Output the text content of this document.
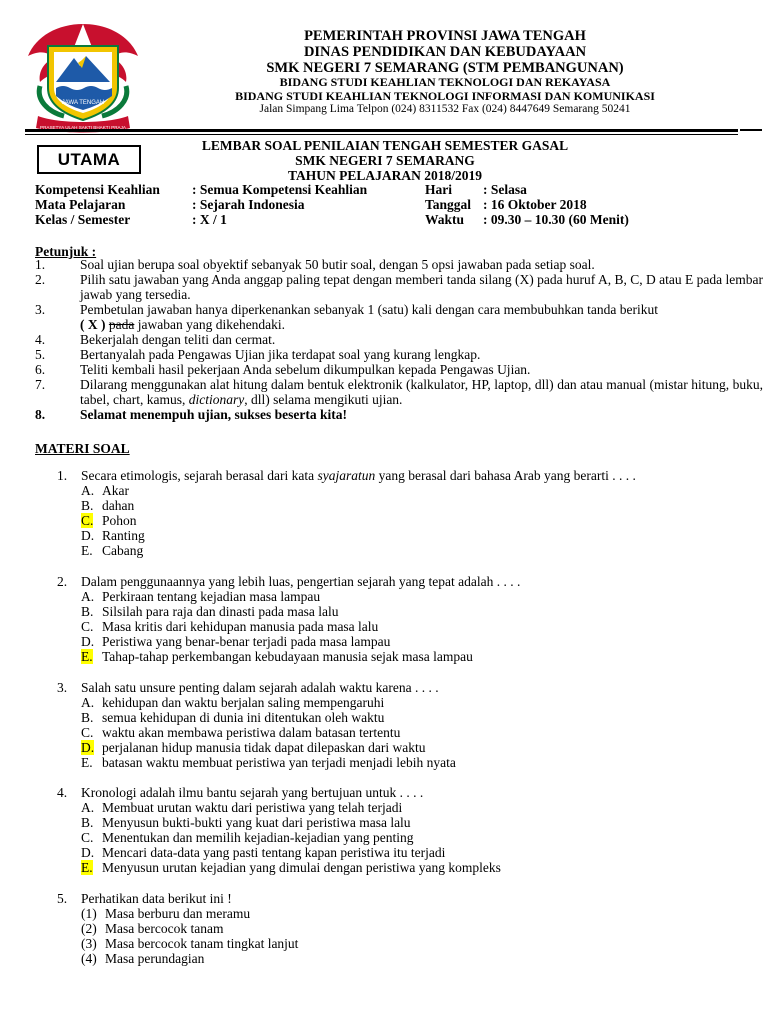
JAWA TENGAH
PRASETYA ULAH SAKTI BHAKTI PRAJA
PEMERINTAH PROVINSI JAWA TENGAH
DINAS PENDIDIKAN DAN KEBUDAYAAN
SMK NEGERI 7 SEMARANG (STM PEMBANGUNAN)
BIDANG STUDI KEAHLIAN TEKNOLOGI DAN REKAYASA
BIDANG STUDI KEAHLIAN TEKNOLOGI INFORMASI DAN KOMUNIKASI
Jalan Simpang Lima Telpon (024) 8311532 Fax (024) 8447649 Semarang 50241
LEMBAR SOAL PENILAIAN TENGAH SEMESTER GASAL
SMK NEGERI 7 SEMARANG
TAHUN PELAJARAN 2018/2019
UTAMA
Kompetensi Keahlian : Semua Kompetensi Keahlian
Mata Pelajaran	: Sejarah Indonesia
Kelas / Semester	: X / 1
Hari : Selasa
Tanggal : 16 Oktober 2018
Waktu : 09.30 – 10.30 (60 Menit)
Petunjuk :
1.	Soal ujian berupa soal obyektif sebanyak 50 butir soal, dengan 5 opsi jawaban pada setiap soal.
2.	Pilih satu jawaban yang Anda anggap paling tepat dengan memberi tanda silang (X) pada huruf A, B, C, D atau E pada lembar jawab yang tersedia.
3.	Pembetulan jawaban hanya diperkenankan sebanyak 1 (satu) kali dengan cara membubuhkan tanda berikut
( X ) pada jawaban yang dikehendaki.
4.	Bekerjalah dengan teliti dan cermat.
5.	Bertanyalah pada Pengawas Ujian jika terdapat soal yang kurang lengkap.
6.	Teliti kembali hasil pekerjaan Anda sebelum dikumpulkan kepada Pengawas Ujian.
7.	Dilarang menggunakan alat hitung dalam bentuk elektronik (kalkulator, HP, laptop, dll) dan atau manual (mistar hitung, buku, tabel, chart, kamus, dictionary, dll) selama mengikuti ujian.
8.	Selamat menempuh ujian, sukses beserta kita!
MATERI SOAL
1.	Secara etimologis, sejarah berasal dari kata syajaratun yang berasal dari bahasa Arab yang berarti . . . .
A. Akar
B. dahan
C. Pohon
D. Ranting
E. Cabang
2.	Dalam penggunaannya yang lebih luas, pengertian sejarah yang tepat adalah . . . .
A. Perkiraan tentang kejadian masa lampau
B. Silsilah para raja dan dinasti pada masa lalu
C. Masa kritis dari kehidupan manusia pada masa lalu
D. Peristiwa yang benar-benar terjadi pada masa lampau
E. Tahap-tahap perkembangan kebudayaan manusia sejak masa lampau
3.	Salah satu unsure penting dalam sejarah adalah waktu karena . . . .
A. kehidupan dan waktu berjalan saling mempengaruhi
B. semua kehidupan di dunia ini ditentukan oleh waktu
C. waktu akan membawa peristiwa dalam batasan tertentu
D. perjalanan hidup manusia tidak dapat dilepaskan dari waktu
E. batasan waktu membuat peristiwa yan terjadi menjadi lebih nyata
4.	Kronologi adalah ilmu bantu sejarah yang bertujuan untuk . . . .
A. Membuat urutan waktu dari peristiwa yang telah terjadi
B. Menyusun bukti-bukti yang kuat dari peristiwa masa lalu
C. Menentukan dan memilih kejadian-kejadian yang penting
D. Mencari data-data yang pasti tentang kapan peristiwa itu terjadi
E. Menyusun urutan kejadian yang dimulai dengan peristiwa yang kompleks
5.	Perhatikan data berikut ini !
(1) Masa berburu dan meramu
(2) Masa bercocok tanam
(3) Masa bercocok tanam tingkat lanjut
(4) Masa perundagian
